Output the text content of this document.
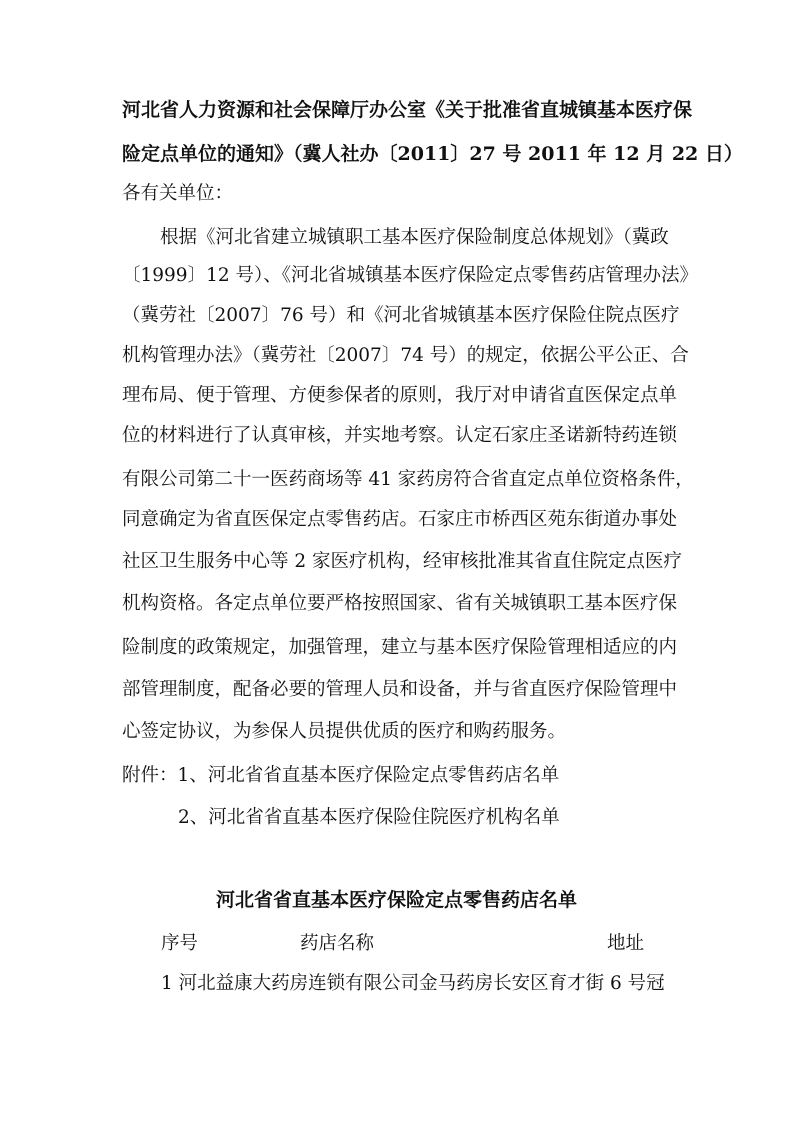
河北省人力资源和社会保障厅办公室《关于批准省直城镇基本医疗保
险定点单位的通知》（冀人社办〔2011〕27 号 2011 年 12 月 22 日）
各有关单位：
根据《河北省建立城镇职工基本医疗保险制度总体规划》（冀政
〔1999〕12 号）、《河北省城镇基本医疗保险定点零售药店管理办法》
（冀劳社〔2007〕76 号）和《河北省城镇基本医疗保险住院点医疗
机构管理办法》（冀劳社〔2007〕74 号）的规定，依据公平公正、合
理布局、便于管理、方便参保者的原则，我厅对申请省直医保定点单
位的材料进行了认真审核，并实地考察。认定石家庄圣诺新特药连锁
有限公司第二十一医药商场等 41 家药房符合省直定点单位资格条件，
同意确定为省直医保定点零售药店。石家庄市桥西区苑东街道办事处
社区卫生服务中心等 2 家医疗机构，经审核批准其省直住院定点医疗
机构资格。各定点单位要严格按照国家、省有关城镇职工基本医疗保
险制度的政策规定，加强管理，建立与基本医疗保险管理相适应的内
部管理制度，配备必要的管理人员和设备，并与省直医疗保险管理中
心签定协议，为参保人员提供优质的医疗和购药服务。
附件：1、河北省省直基本医疗保险定点零售药店名单
2、河北省省直基本医疗保险住院医疗机构名单
河北省省直基本医疗保险定点零售药店名单
序号	药店名称	地址
1 河北益康大药房连锁有限公司金马药房长安区育才街 6 号冠
